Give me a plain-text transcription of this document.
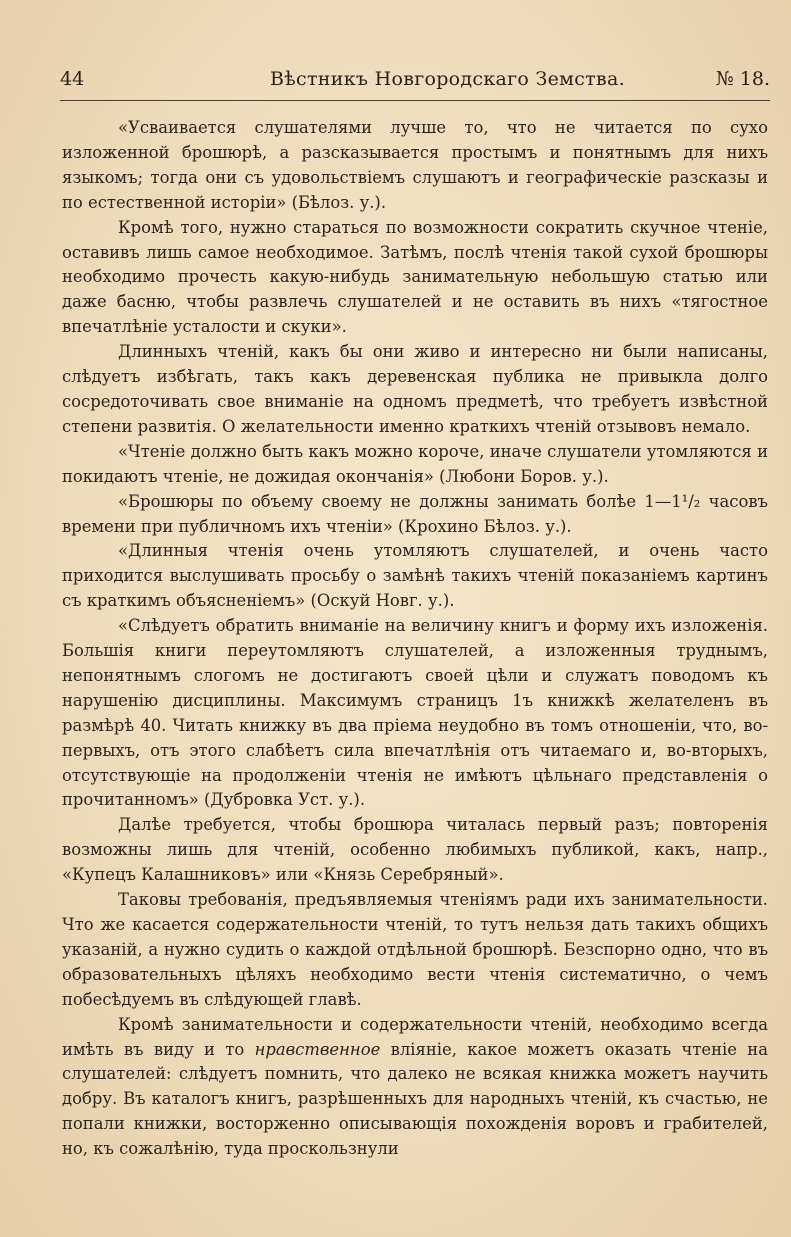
44	Вѣстникъ Новгородскаго Земства.	№ 18.

«Усваивается слушателями лучше то, что не читается по сухо изложенной брошюрѣ, а разсказывается простымъ и понятнымъ для нихъ языкомъ; тогда они съ удовольствіемъ слушаютъ и географическіе разсказы и по естественной исторіи» (Бѣлоз. у.).

Кромѣ того, нужно стараться по возможности сократить скучное чтеніе, оставивъ лишь самое необходимое. Затѣмъ, послѣ чтенія такой сухой брошюры необходимо прочесть какую-нибудь занимательную небольшую статью или даже басню, чтобы развлечь слушателей и не оставить въ нихъ «тягостное впечатлѣніе усталости и скуки».

Длинныхъ чтеній, какъ бы они живо и интересно ни были написаны, слѣдуетъ избѣгать, такъ какъ деревенская публика не привыкла долго сосредоточивать свое вниманіе на одномъ предметѣ, что требуетъ извѣстной степени развитія. О желательности именно краткихъ чтеній отзывовъ немало.

«Чтеніе должно быть какъ можно короче, иначе слушатели утомляются и покидаютъ чтеніе, не дожидая окончанія» (Любони Боров. у.).

«Брошюры по объему своему не должны занимать болѣе 1—1¹/₂ часовъ времени при публичномъ ихъ чтеніи» (Крохино Бѣлоз. у.).

«Длинныя чтенія очень утомляютъ слушателей, и очень часто приходится выслушивать просьбу о замѣнѣ такихъ чтеній показаніемъ картинъ съ краткимъ объясненіемъ» (Оскуй Новг. у.).

«Слѣдуетъ обратить вниманіе на величину книгъ и форму ихъ изложенія. Большія книги переутомляютъ слушателей, а изложенныя труднымъ, непонятнымъ слогомъ не достигаютъ своей цѣли и служатъ поводомъ къ нарушенію дисциплины. Максимумъ страницъ 1ъ книжкѣ желателенъ въ размѣрѣ 40. Читать книжку въ два пріема неудобно въ томъ отношеніи, что, во-первыхъ, отъ этого слабѣетъ сила впечатлѣнія отъ читаемаго и, во-вторыхъ, отсутствующіе на продолженіи чтенія не имѣютъ цѣльнаго представленія о прочитанномъ» (Дубровка Уст. у.).

Далѣе требуется, чтобы брошюра читалась первый разъ; повторенія возможны лишь для чтеній, особенно любимыхъ публикой, какъ, напр., «Купецъ Калашниковъ» или «Князь Серебряный».

Таковы требованія, предъявляемыя чтеніямъ ради ихъ занимательности. Что же касается содержательности чтеній, то тутъ нельзя дать такихъ общихъ указаній, а нужно судить о каждой отдѣльной брошюрѣ. Безспорно одно, что въ образовательныхъ цѣляхъ необходимо вести чтенія систематично, о чемъ побесѣдуемъ въ слѣдующей главѣ.

Кромѣ занимательности и содержательности чтеній, необходимо всегда имѣть въ виду и то нравственное вліяніе, какое можетъ оказать чтеніе на слушателей: слѣдуетъ помнить, что далеко не всякая книжка можетъ научить добру. Въ каталогъ книгъ, разрѣшенныхъ для народныхъ чтеній, къ счастью, не попали книжки, восторженно описывающія похожденія воровъ и грабителей, но, къ сожалѣнію, туда проскользнули
